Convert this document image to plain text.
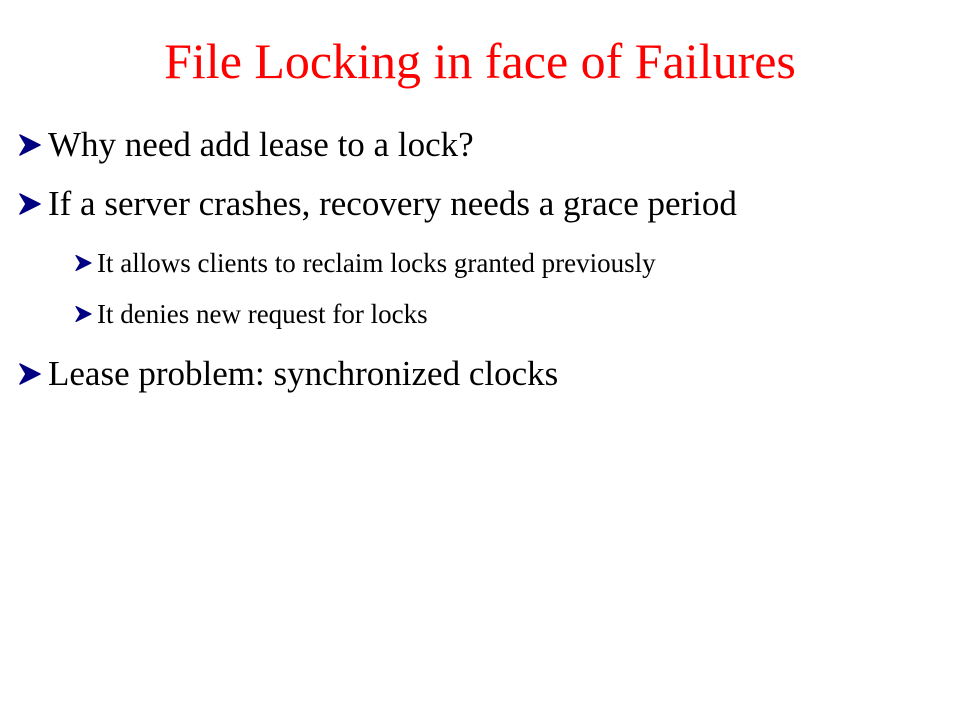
File Locking in face of Failures
Why need add lease to a lock?
If a server crashes, recovery needs a grace period
It allows clients to reclaim locks granted previously
It denies new request for locks
Lease problem: synchronized clocks
